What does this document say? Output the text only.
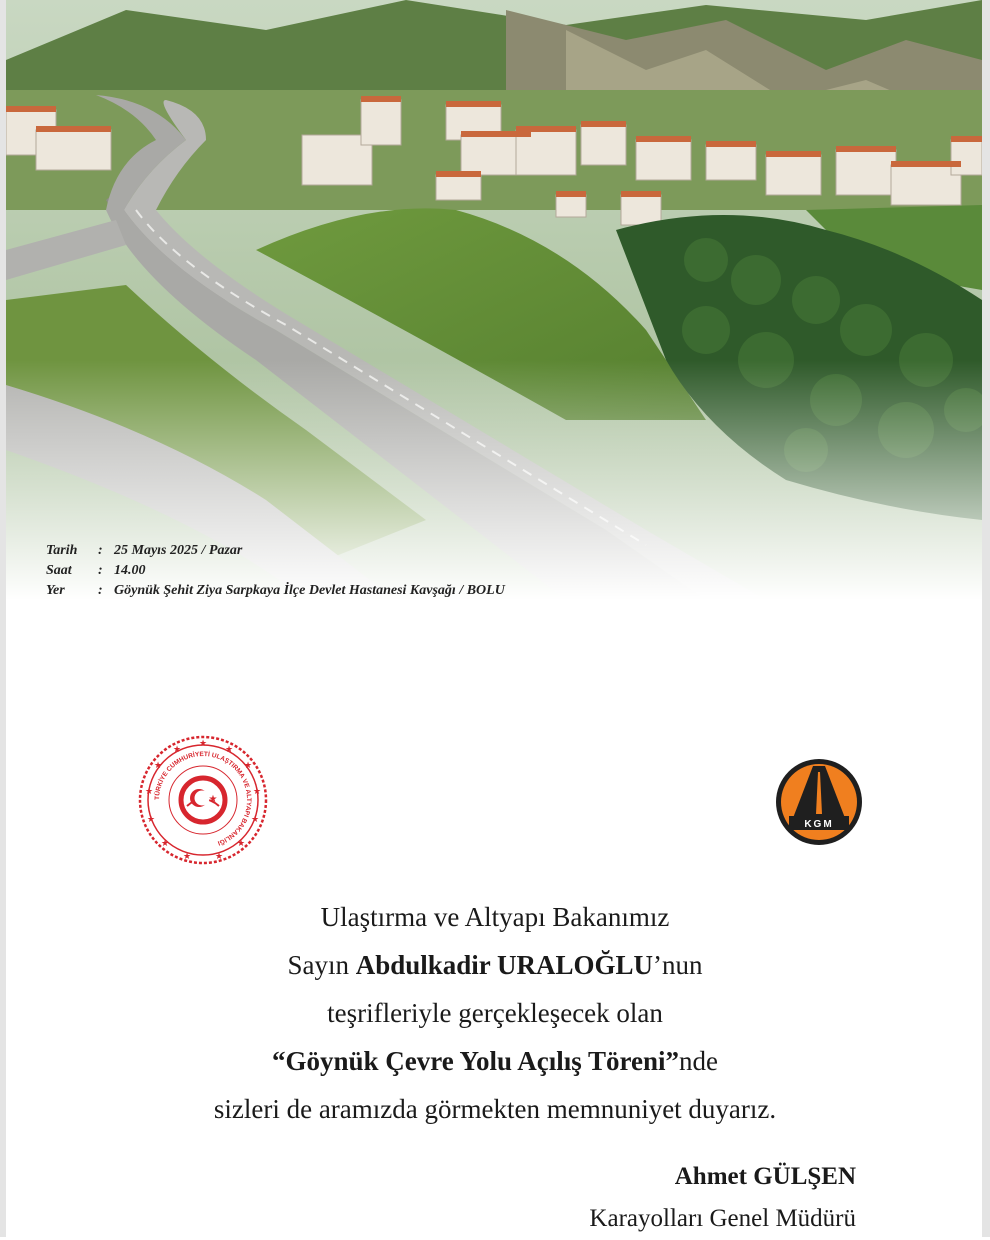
Tarih	: 25 Mayıs 2025 / Pazar
Saat	: 14.00
Yer	: Göynük Şehit Ziya Sarpkaya İlçe Devlet Hastanesi Kavşağı / BOLU
★
★	★
★	★
★	★
★	★
★	★
★	★
TÜRKİYE CUMHURİYETİ ULAŞTIRMA VE ALTYAPI BAKANLIĞI
★
KGM
Ulaştırma ve Altyapı Bakanımız
Sayın Abdulkadir URALOĞLU’nun
teşrifleriyle gerçekleşecek olan
“Göynük Çevre Yolu Açılış Töreni”nde
sizleri de aramızda görmekten memnuniyet duyarız.
Ahmet GÜLŞEN
Karayolları Genel Müdürü
